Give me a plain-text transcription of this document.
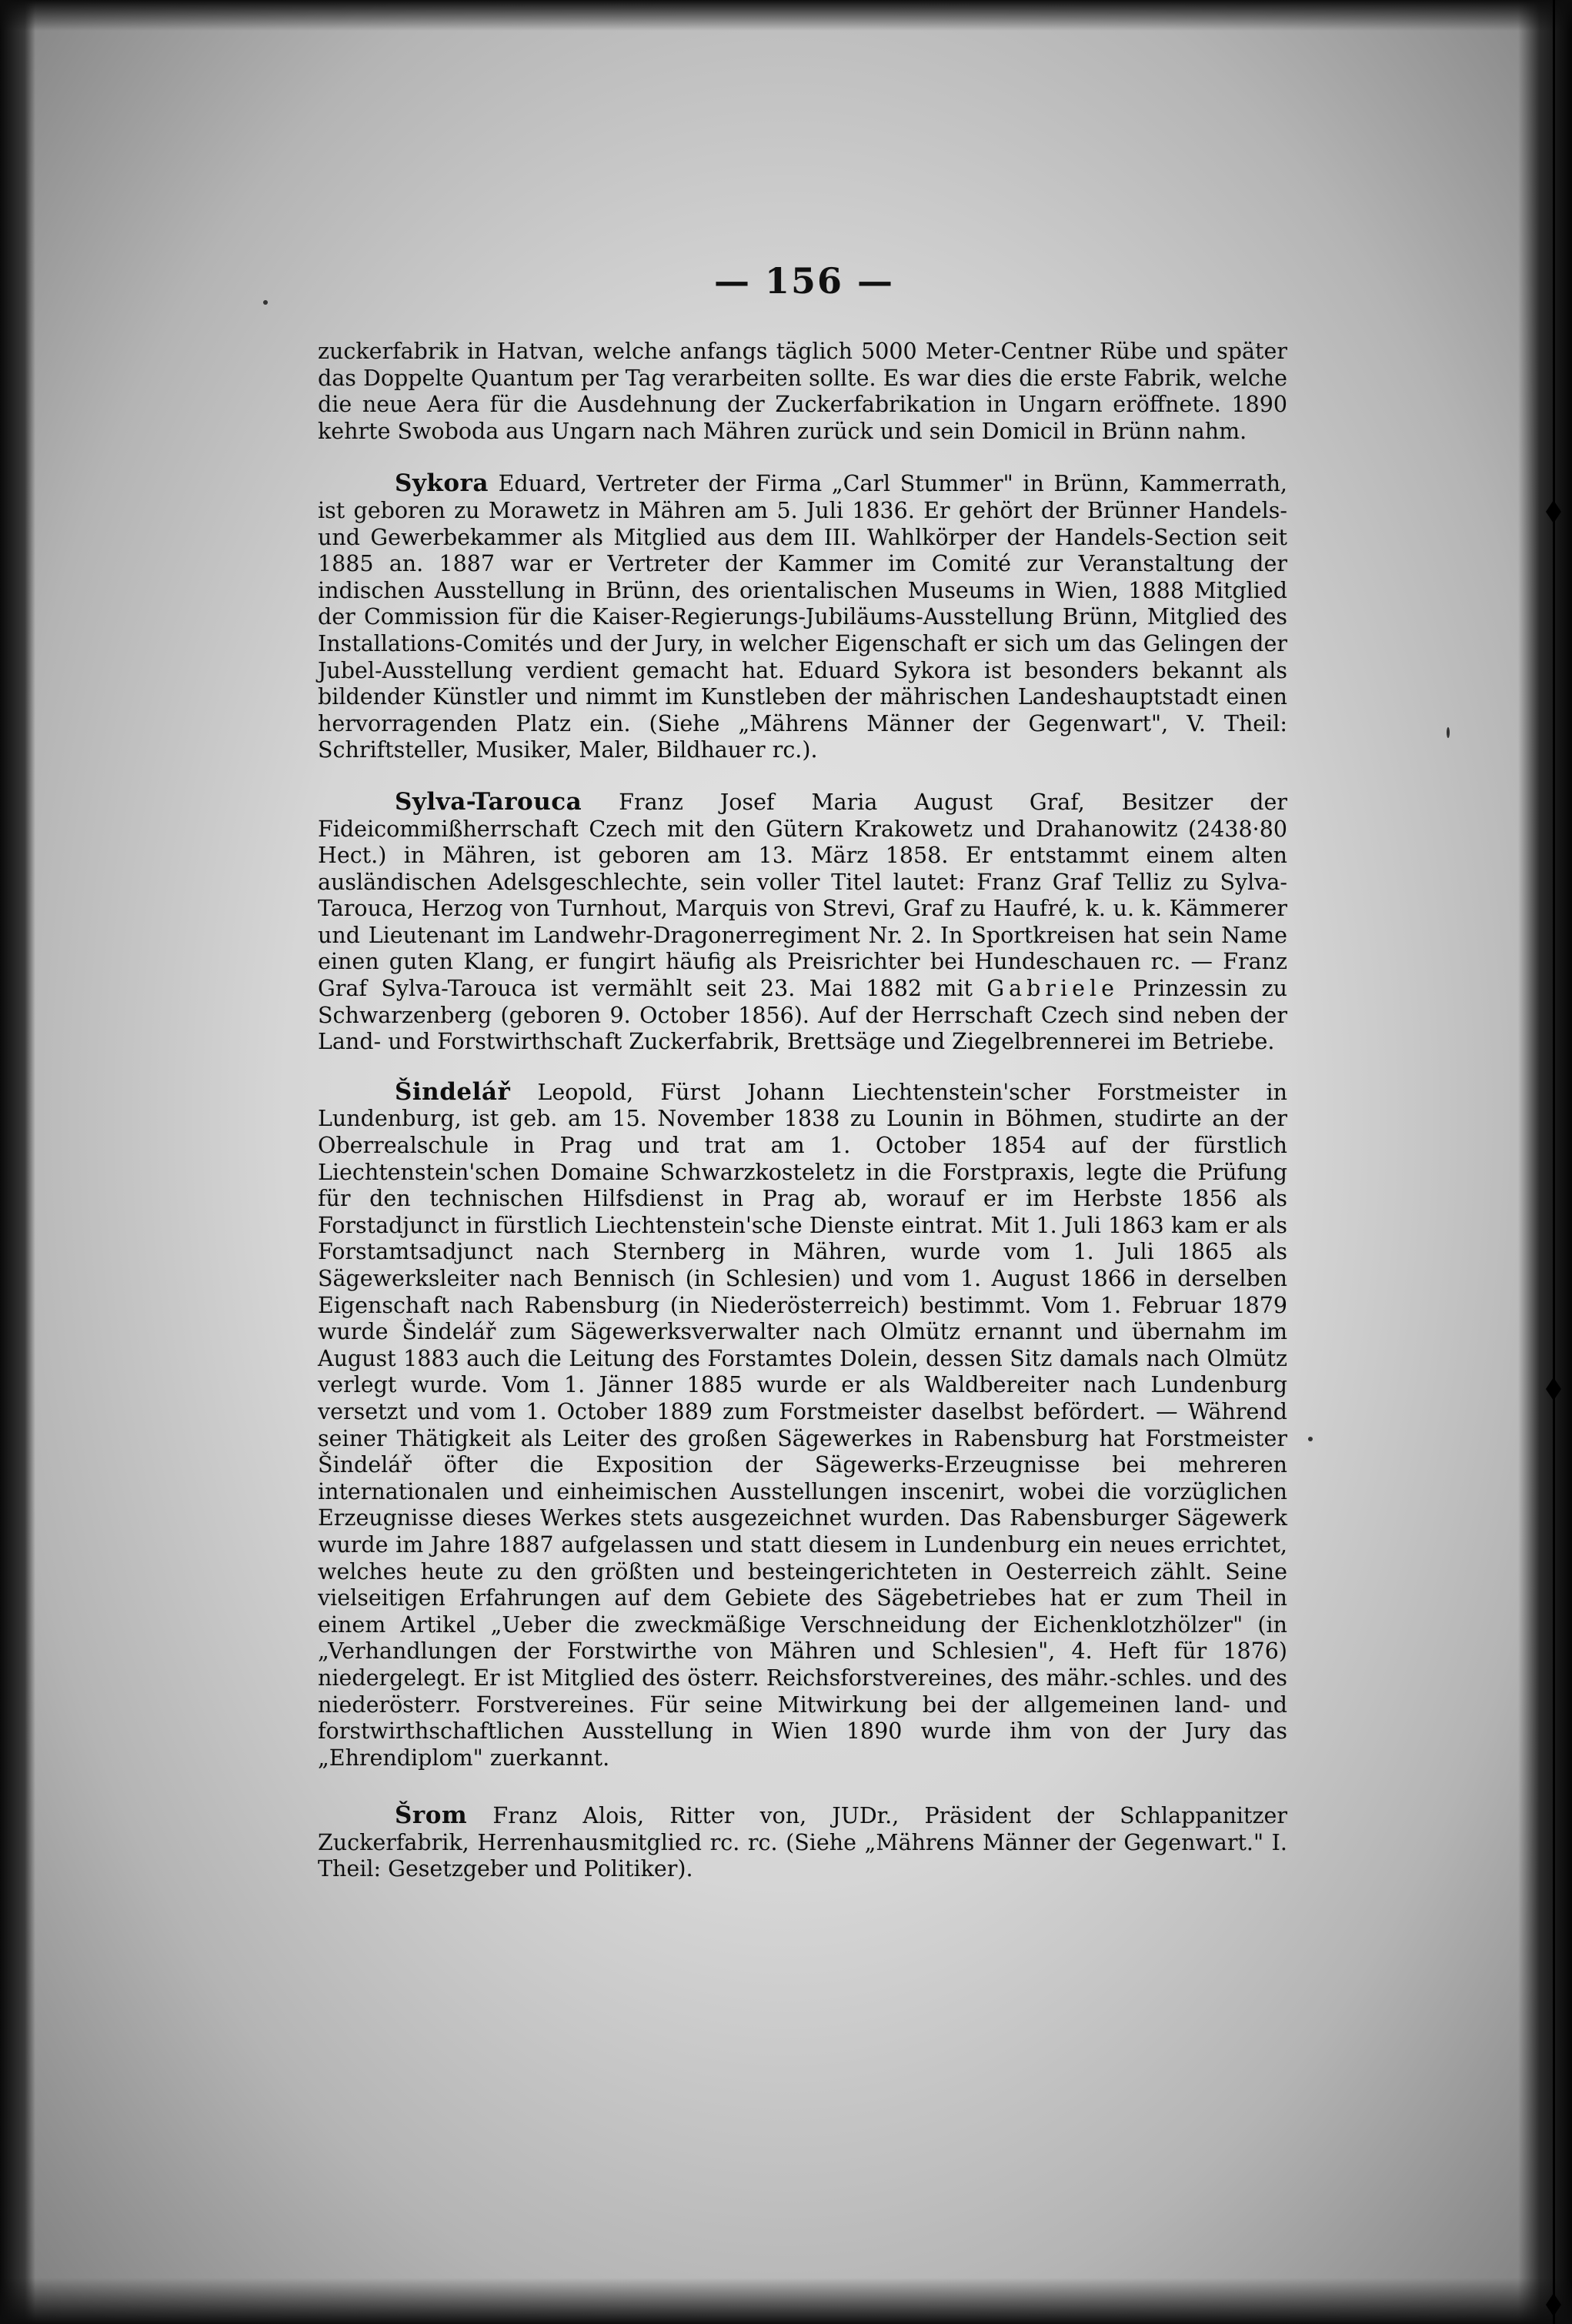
— 156 —

zuckerfabrik in Hatvan, welche anfangs täglich 5000 Meter-Centner Rübe und später das Doppelte Quantum per Tag verarbeiten sollte. Es war dies die erste Fabrik, welche die neue Aera für die Ausdehnung der Zuckerfabrikation in Ungarn eröffnete. 1890 kehrte Swoboda aus Ungarn nach Mähren zurück und sein Domicil in Brünn nahm.

Sykora Eduard, Vertreter der Firma „Carl Stummer" in Brünn, Kammerrath, ist geboren zu Morawetz in Mähren am 5. Juli 1836. Er gehört der Brünner Handels- und Gewerbekammer als Mitglied aus dem III. Wahlkörper der Handels-Section seit 1885 an. 1887 war er Vertreter der Kammer im Comité zur Veranstaltung der indischen Ausstellung in Brünn, des orientalischen Museums in Wien, 1888 Mitglied der Commission für die Kaiser-Regierungs-Jubiläums-Ausstellung Brünn, Mitglied des Installations-Comités und der Jury, in welcher Eigenschaft er sich um das Gelingen der Jubel-Ausstellung verdient gemacht hat. Eduard Sykora ist besonders bekannt als bildender Künstler und nimmt im Kunstleben der mährischen Landeshauptstadt einen hervorragenden Platz ein. (Siehe „Mährens Männer der Gegenwart", V. Theil: Schriftsteller, Musiker, Maler, Bildhauer rc.).

Sylva-Tarouca Franz Josef Maria August Graf, Besitzer der Fideicommißherrschaft Czech mit den Gütern Krakowetz und Drahanowitz (2438·80 Hect.) in Mähren, ist geboren am 13. März 1858. Er entstammt einem alten ausländischen Adelsgeschlechte, sein voller Titel lautet: Franz Graf Telliz zu Sylva-Tarouca, Herzog von Turnhout, Marquis von Strevi, Graf zu Haufré, k. u. k. Kämmerer und Lieutenant im Landwehr-Dragonerregiment Nr. 2. In Sportkreisen hat sein Name einen guten Klang, er fungirt häufig als Preisrichter bei Hundeschauen rc. — Franz Graf Sylva-Tarouca ist vermählt seit 23. Mai 1882 mit Gabriele Prinzessin zu Schwarzenberg (geboren 9. October 1856). Auf der Herrschaft Czech sind neben der Land- und Forstwirthschaft Zuckerfabrik, Brettsäge und Ziegelbrennerei im Betriebe.

Šindelář Leopold, Fürst Johann Liechtenstein'scher Forstmeister in Lundenburg, ist geb. am 15. November 1838 zu Lounin in Böhmen, studirte an der Oberrealschule in Prag und trat am 1. October 1854 auf der fürstlich Liechtenstein'schen Domaine Schwarzkosteletz in die Forstpraxis, legte die Prüfung für den technischen Hilfsdienst in Prag ab, worauf er im Herbste 1856 als Forstadjunct in fürstlich Liechtenstein'sche Dienste eintrat. Mit 1. Juli 1863 kam er als Forstamtsadjunct nach Sternberg in Mähren, wurde vom 1. Juli 1865 als Sägewerksleiter nach Bennisch (in Schlesien) und vom 1. August 1866 in derselben Eigenschaft nach Rabensburg (in Niederösterreich) bestimmt. Vom 1. Februar 1879 wurde Šindelář zum Sägewerksverwalter nach Olmütz ernannt und übernahm im August 1883 auch die Leitung des Forstamtes Dolein, dessen Sitz damals nach Olmütz verlegt wurde. Vom 1. Jänner 1885 wurde er als Waldbereiter nach Lundenburg versetzt und vom 1. October 1889 zum Forstmeister daselbst befördert. — Während seiner Thätigkeit als Leiter des großen Sägewerkes in Rabensburg hat Forstmeister Šindelář öfter die Exposition der Sägewerks-Erzeugnisse bei mehreren internationalen und einheimischen Ausstellungen inscenirt, wobei die vorzüglichen Erzeugnisse dieses Werkes stets ausgezeichnet wurden. Das Rabensburger Sägewerk wurde im Jahre 1887 aufgelassen und statt diesem in Lundenburg ein neues errichtet, welches heute zu den größten und besteingerichteten in Oesterreich zählt. Seine vielseitigen Erfahrungen auf dem Gebiete des Sägebetriebes hat er zum Theil in einem Artikel „Ueber die zweckmäßige Verschneidung der Eichenklotzhölzer" (in „Verhandlungen der Forstwirthe von Mähren und Schlesien", 4. Heft für 1876) niedergelegt. Er ist Mitglied des österr. Reichsforstvereines, des mähr.-schles. und des niederösterr. Forstvereines. Für seine Mitwirkung bei der allgemeinen land- und forstwirthschaftlichen Ausstellung in Wien 1890 wurde ihm von der Jury das „Ehrendiplom" zuerkannt.

Šrom Franz Alois, Ritter von, JUDr., Präsident der Schlappanitzer Zuckerfabrik, Herrenhausmitglied rc. rc. (Siehe „Mährens Männer der Gegenwart." I. Theil: Gesetzgeber und Politiker).
